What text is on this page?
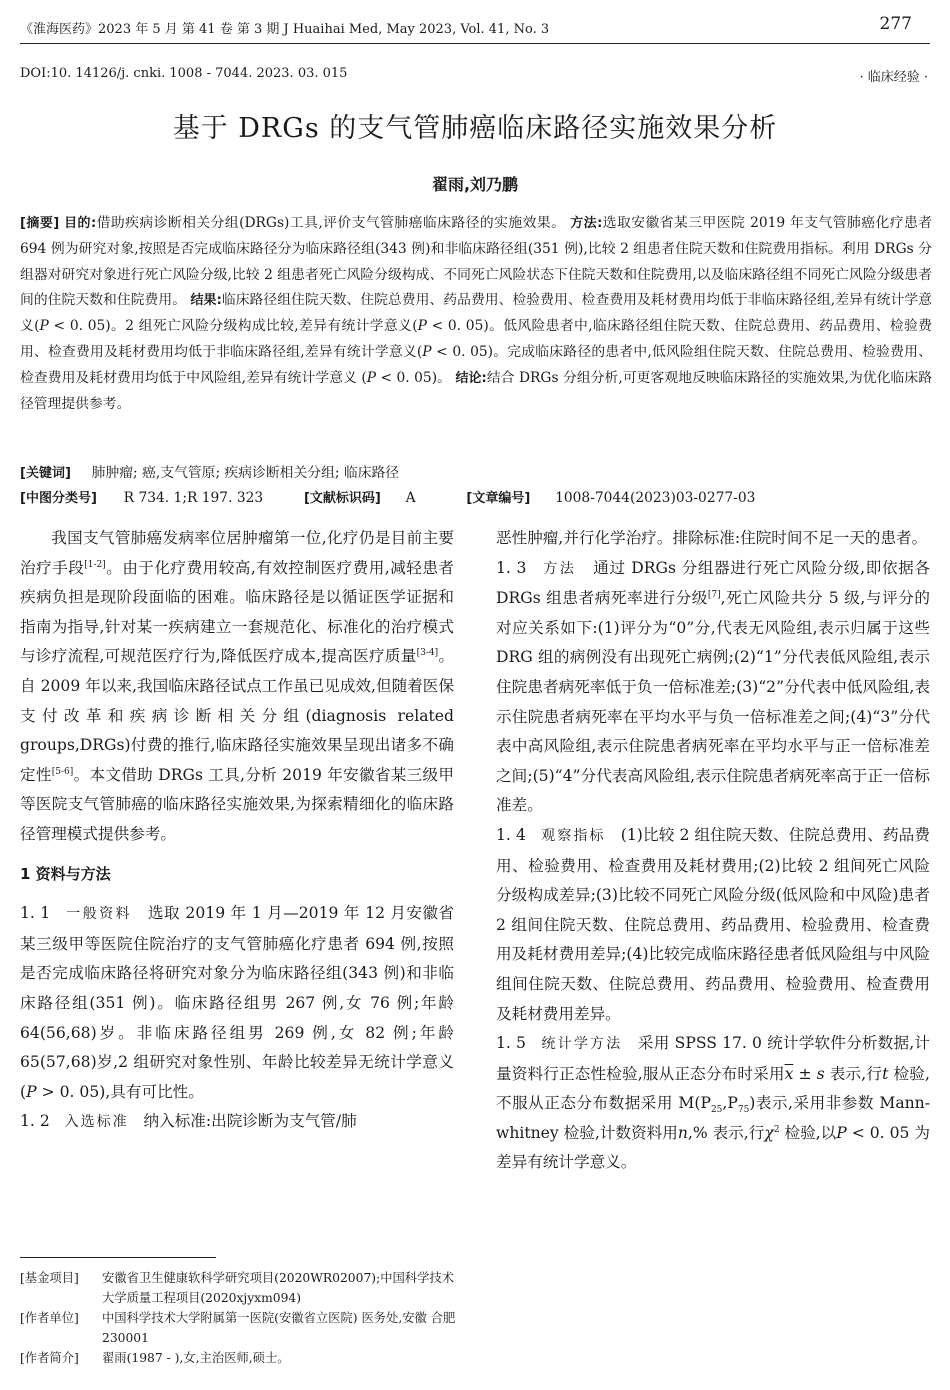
《淮海医药》2023 年 5 月 第 41 卷 第 3 期 J Huaihai Med, May 2023, Vol. 41, No. 3	277
DOI:10. 14126/j. cnki. 1008 - 7044. 2023. 03. 015	· 临床经验 ·
基于 DRGs 的支气管肺癌临床路径实施效果分析
翟雨,刘乃鹏
[摘要] 目的:借助疾病诊断相关分组(DRGs)工具,评价支气管肺癌临床路径的实施效果。 方法:选取安徽省某三甲医院 2019 年支气管肺癌化疗患者 694 例为研究对象,按照是否完成临床路径分为临床路径组(343 例)和非临床路径组(351 例),比较 2 组患者住院天数和住院费用指标。利用 DRGs 分组器对研究对象进行死亡风险分级,比较 2 组患者死亡风险分级构成、不同死亡风险状态下住院天数和住院费用,以及临床路径组不同死亡风险分级患者间的住院天数和住院费用。 结果:临床路径组住院天数、住院总费用、药品费用、检验费用、检查费用及耗材费用均低于非临床路径组,差异有统计学意义(P < 0. 05)。2 组死亡风险分级构成比较,差异有统计学意义(P < 0. 05)。低风险患者中,临床路径组住院天数、住院总费用、药品费用、检验费用、检查费用及耗材费用均低于非临床路径组,差异有统计学意义(P < 0. 05)。完成临床路径的患者中,低风险组住院天数、住院总费用、检验费用、检查费用及耗材费用均低于中风险组,差异有统计学意义 (P < 0. 05)。 结论:结合 DRGs 分组分析,可更客观地反映临床路径的实施效果,为优化临床路径管理提供参考。
[关键词] 肺肿瘤; 癌,支气管原; 疾病诊断相关分组; 临床路径
[中图分类号] R 734. 1;R 197. 323	[文献标识码] A	[文章编号] 1008-7044(2023)03-0277-03

我国支气管肺癌发病率位居肿瘤第一位,化疗仍是目前主要治疗手段[1-2]。由于化疗费用较高,有效控制医疗费用,减轻患者疾病负担是现阶段面临的困难。临床路径是以循证医学证据和指南为指导,针对某一疾病建立一套规范化、标准化的治疗模式与诊疗流程,可规范医疗行为,降低医疗成本,提高医疗质量[3-4]。自 2009 年以来,我国临床路径试点工作虽已见成效,但随着医保支付改革和疾病诊断相关分组(diagnosis related groups,DRGs)付费的推行,临床路径实施效果呈现出诸多不确定性[5-6]。本文借助 DRGs 工具,分析 2019 年安徽省某三级甲等医院支气管肺癌的临床路径实施效果,为探索精细化的临床路径管理模式提供参考。

1 资料与方法

1. 1 一般资料 选取 2019 年 1 月—2019 年 12 月安徽省某三级甲等医院住院治疗的支气管肺癌化疗患者 694 例,按照是否完成临床路径将研究对象分为临床路径组(343 例)和非临床路径组(351 例)。临床路径组男 267 例,女 76 例;年龄 64(56,68)岁。非临床路径组男 269 例,女 82 例;年龄 65(57,68)岁,2 组研究对象性别、年龄比较差异无统计学意义(P > 0. 05),具有可比性。

1. 2 入选标准 纳入标准:出院诊断为支气管/肺

恶性肿瘤,并行化学治疗。排除标准:住院时间不足一天的患者。

1. 3 方法 通过 DRGs 分组器进行死亡风险分级,即依据各 DRGs 组患者病死率进行分级[7],死亡风险共分 5 级,与评分的对应关系如下:(1)评分为“0”分,代表无风险组,表示归属于这些 DRG 组的病例没有出现死亡病例;(2)“1”分代表低风险组,表示住院患者病死率低于负一倍标准差;(3)“2”分代表中低风险组,表示住院患者病死率在平均水平与负一倍标准差之间;(4)“3”分代表中高风险组,表示住院患者病死率在平均水平与正一倍标准差之间;(5)“4”分代表高风险组,表示住院患者病死率高于正一倍标准差。

1. 4 观察指标 (1)比较 2 组住院天数、住院总费用、药品费用、检验费用、检查费用及耗材费用;(2)比较 2 组间死亡风险分级构成差异;(3)比较不同死亡风险分级(低风险和中风险)患者 2 组间住院天数、住院总费用、药品费用、检验费用、检查费用及耗材费用差异;(4)比较完成临床路径患者低风险组与中风险组间住院天数、住院总费用、药品费用、检验费用、检查费用及耗材费用差异。

1. 5 统计学方法 采用 SPSS 17. 0 统计学软件分析数据,计量资料行正态性检验,服从正态分布时采用$\overline{x} \pm s$ 表示,行t 检验,不服从正态分布数据采用 $M(P_{25},P_{75})$表示,采用非参数 Mann-whitney 检验,计数资料用n,% 表示,行$\chi^2$ 检验,以P < 0. 05 为差异有统计学意义。

[基金项目]	安徽省卫生健康软科学研究项目(2020WR02007);中国科学技术大学质量工程项目(2020xjyxm094)
[作者单位]	中国科学技术大学附属第一医院(安徽省立医院) 医务处,安徽 合肥 230001
[作者简介]	翟雨(1987 - ),女,主治医师,硕士。
